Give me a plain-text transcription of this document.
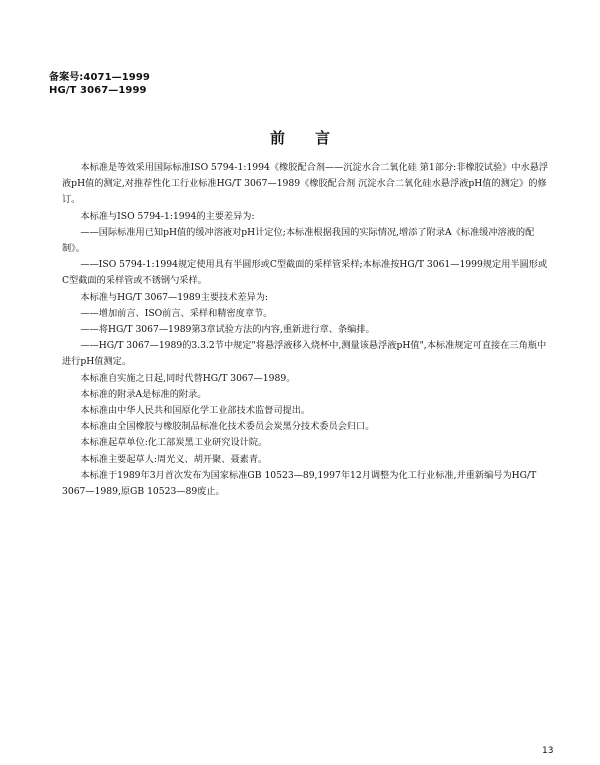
备案号:4071—1999
HG/T 3067—1999
前言

本标准是等效采用国际标准ISO 5794-1:1994《橡胶配合剂——沉淀水合二氧化硅 第1部分:非橡胶试验》中水悬浮液pH值的测定,对推荐性化工行业标准HG/T 3067—1989《橡胶配合剂 沉淀水合二氧化硅水悬浮液pH值的测定》的修订。

本标准与ISO 5794-1:1994的主要差异为:

——国际标准用已知pH值的缓冲溶液对pH计定位;本标准根据我国的实际情况,增添了附录A《标准缓冲溶液的配制》。

——ISO 5794-1:1994规定使用具有半圆形或C型截面的采样管采样;本标准按HG/T 3061—1999规定用半圆形或C型截面的采样管或不锈钢勺采样。

本标准与HG/T 3067—1989主要技术差异为:

——增加前言、ISO前言、采样和精密度章节。

——将HG/T 3067—1989第3章试验方法的内容,重新进行章、条编排。

——HG/T 3067—1989的3.3.2节中规定"将悬浮液移入烧杯中,测量该悬浮液pH值",本标准规定可直接在三角瓶中进行pH值测定。

本标准自实施之日起,同时代替HG/T 3067—1989。

本标准的附录A是标准的附录。

本标准由中华人民共和国原化学工业部技术监督司提出。

本标准由全国橡胶与橡胶制品标准化技术委员会炭黑分技术委员会归口。

本标准起草单位:化工部炭黑工业研究设计院。

本标准主要起草人:周光义、胡开聚、聂素青。

本标准于1989年3月首次发布为国家标准GB 10523—89,1997年12月调整为化工行业标准,并重新编号为HG/T 3067—1989,原GB 10523—89废止。

13
